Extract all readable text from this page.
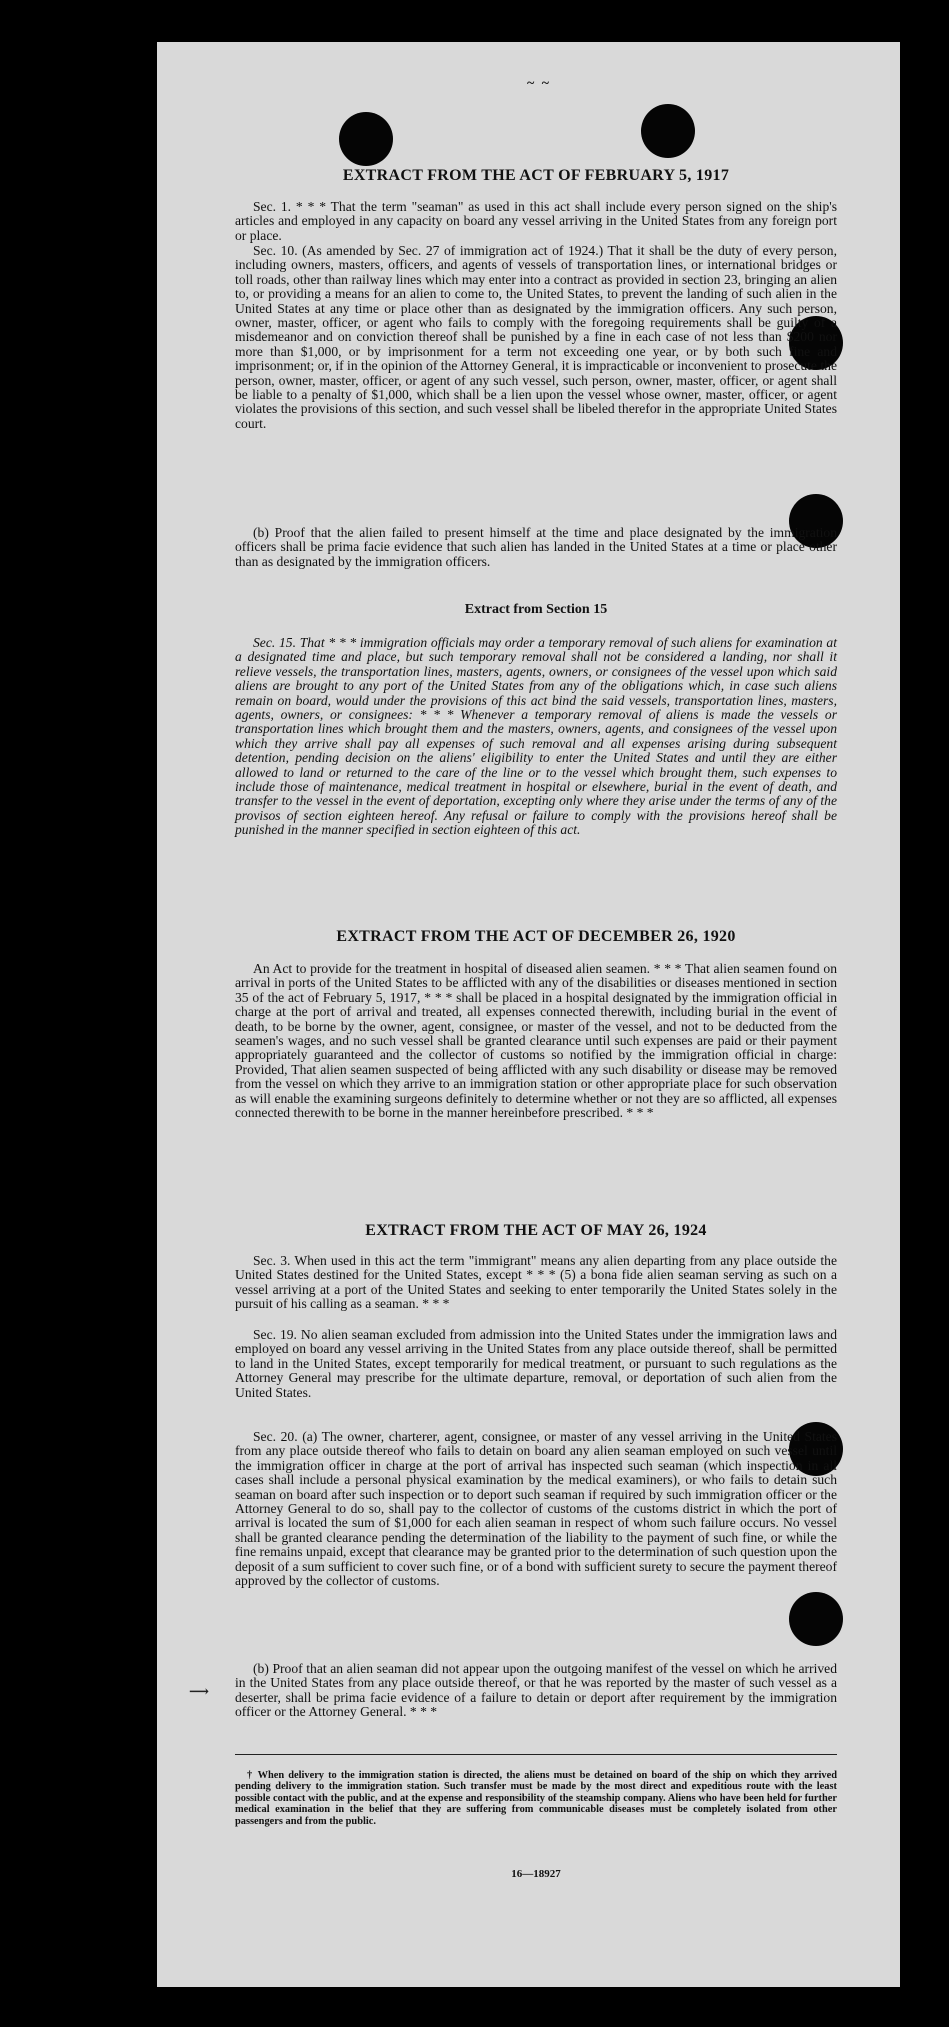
~ ~
⟶
EXTRACT FROM THE ACT OF FEBRUARY 5, 1917

Sec. 1. * * * That the term "seaman" as used in this act shall include every person signed on the ship's articles and employed in any capacity on board any vessel arriving in the United States from any foreign port or place.

Sec. 10. (As amended by Sec. 27 of immigration act of 1924.) That it shall be the duty of every person, including owners, masters, officers, and agents of vessels of transportation lines, or international bridges or toll roads, other than railway lines which may enter into a contract as provided in section 23, bringing an alien to, or providing a means for an alien to come to, the United States, to prevent the landing of such alien in the United States at any time or place other than as designated by the immigration officers. Any such person, owner, master, officer, or agent who fails to comply with the foregoing requirements shall be guilty of a misdemeanor and on conviction thereof shall be punished by a fine in each case of not less than $200 nor more than $1,000, or by imprisonment for a term not exceeding one year, or by both such fine and imprisonment; or, if in the opinion of the Attorney General, it is impracticable or inconvenient to prosecute the person, owner, master, officer, or agent of any such vessel, such person, owner, master, officer, or agent shall be liable to a penalty of $1,000, which shall be a lien upon the vessel whose owner, master, officer, or agent violates the provisions of this section, and such vessel shall be libeled therefor in the appropriate United States court.

(b) Proof that the alien failed to present himself at the time and place designated by the immigration officers shall be prima facie evidence that such alien has landed in the United States at a time or place other than as designated by the immigration officers.

Extract from Section 15

Sec. 15. That * * * immigration officials may order a temporary removal of such aliens for examination at a designated time and place, but such temporary removal shall not be considered a landing, nor shall it relieve vessels, the transportation lines, masters, agents, owners, or consignees of the vessel upon which said aliens are brought to any port of the United States from any of the obligations which, in case such aliens remain on board, would under the provisions of this act bind the said vessels, transportation lines, masters, agents, owners, or consignees: * * * Whenever a temporary removal of aliens is made the vessels or transportation lines which brought them and the masters, owners, agents, and consignees of the vessel upon which they arrive shall pay all expenses of such removal and all expenses arising during subsequent detention, pending decision on the aliens' eligibility to enter the United States and until they are either allowed to land or returned to the care of the line or to the vessel which brought them, such expenses to include those of maintenance, medical treatment in hospital or elsewhere, burial in the event of death, and transfer to the vessel in the event of deportation, excepting only where they arise under the terms of any of the provisos of section eighteen hereof. Any refusal or failure to comply with the provisions hereof shall be punished in the manner specified in section eighteen of this act.

EXTRACT FROM THE ACT OF DECEMBER 26, 1920

An Act to provide for the treatment in hospital of diseased alien seamen. * * * That alien seamen found on arrival in ports of the United States to be afflicted with any of the disabilities or diseases mentioned in section 35 of the act of February 5, 1917, * * * shall be placed in a hospital designated by the immigration official in charge at the port of arrival and treated, all expenses connected therewith, including burial in the event of death, to be borne by the owner, agent, consignee, or master of the vessel, and not to be deducted from the seamen's wages, and no such vessel shall be granted clearance until such expenses are paid or their payment appropriately guaranteed and the collector of customs so notified by the immigration official in charge: Provided, That alien seamen suspected of being afflicted with any such disability or disease may be removed from the vessel on which they arrive to an immigration station or other appropriate place for such observation as will enable the examining surgeons definitely to determine whether or not they are so afflicted, all expenses connected therewith to be borne in the manner hereinbefore prescribed. * * *

EXTRACT FROM THE ACT OF MAY 26, 1924

Sec. 3. When used in this act the term "immigrant" means any alien departing from any place outside the United States destined for the United States, except * * * (5) a bona fide alien seaman serving as such on a vessel arriving at a port of the United States and seeking to enter temporarily the United States solely in the pursuit of his calling as a seaman. * * *

Sec. 19. No alien seaman excluded from admission into the United States under the immigration laws and employed on board any vessel arriving in the United States from any place outside thereof, shall be permitted to land in the United States, except temporarily for medical treatment, or pursuant to such regulations as the Attorney General may prescribe for the ultimate departure, removal, or deportation of such alien from the United States.

Sec. 20. (a) The owner, charterer, agent, consignee, or master of any vessel arriving in the United States from any place outside thereof who fails to detain on board any alien seaman employed on such vessel until the immigration officer in charge at the port of arrival has inspected such seaman (which inspection in all cases shall include a personal physical examination by the medical examiners), or who fails to detain such seaman on board after such inspection or to deport such seaman if required by such immigration officer or the Attorney General to do so, shall pay to the collector of customs of the customs district in which the port of arrival is located the sum of $1,000 for each alien seaman in respect of whom such failure occurs. No vessel shall be granted clearance pending the determination of the liability to the payment of such fine, or while the fine remains unpaid, except that clearance may be granted prior to the determination of such question upon the deposit of a sum sufficient to cover such fine, or of a bond with sufficient surety to secure the payment thereof approved by the collector of customs.

(b) Proof that an alien seaman did not appear upon the outgoing manifest of the vessel on which he arrived in the United States from any place outside thereof, or that he was reported by the master of such vessel as a deserter, shall be prima facie evidence of a failure to detain or deport after requirement by the immigration officer or the Attorney General. * * *

† When delivery to the immigration station is directed, the aliens must be detained on board of the ship on which they arrived pending delivery to the immigration station. Such transfer must be made by the most direct and expeditious route with the least possible contact with the public, and at the expense and responsibility of the steamship company. Aliens who have been held for further medical examination in the belief that they are suffering from communicable diseases must be completely isolated from other passengers and from the public.

16—18927
